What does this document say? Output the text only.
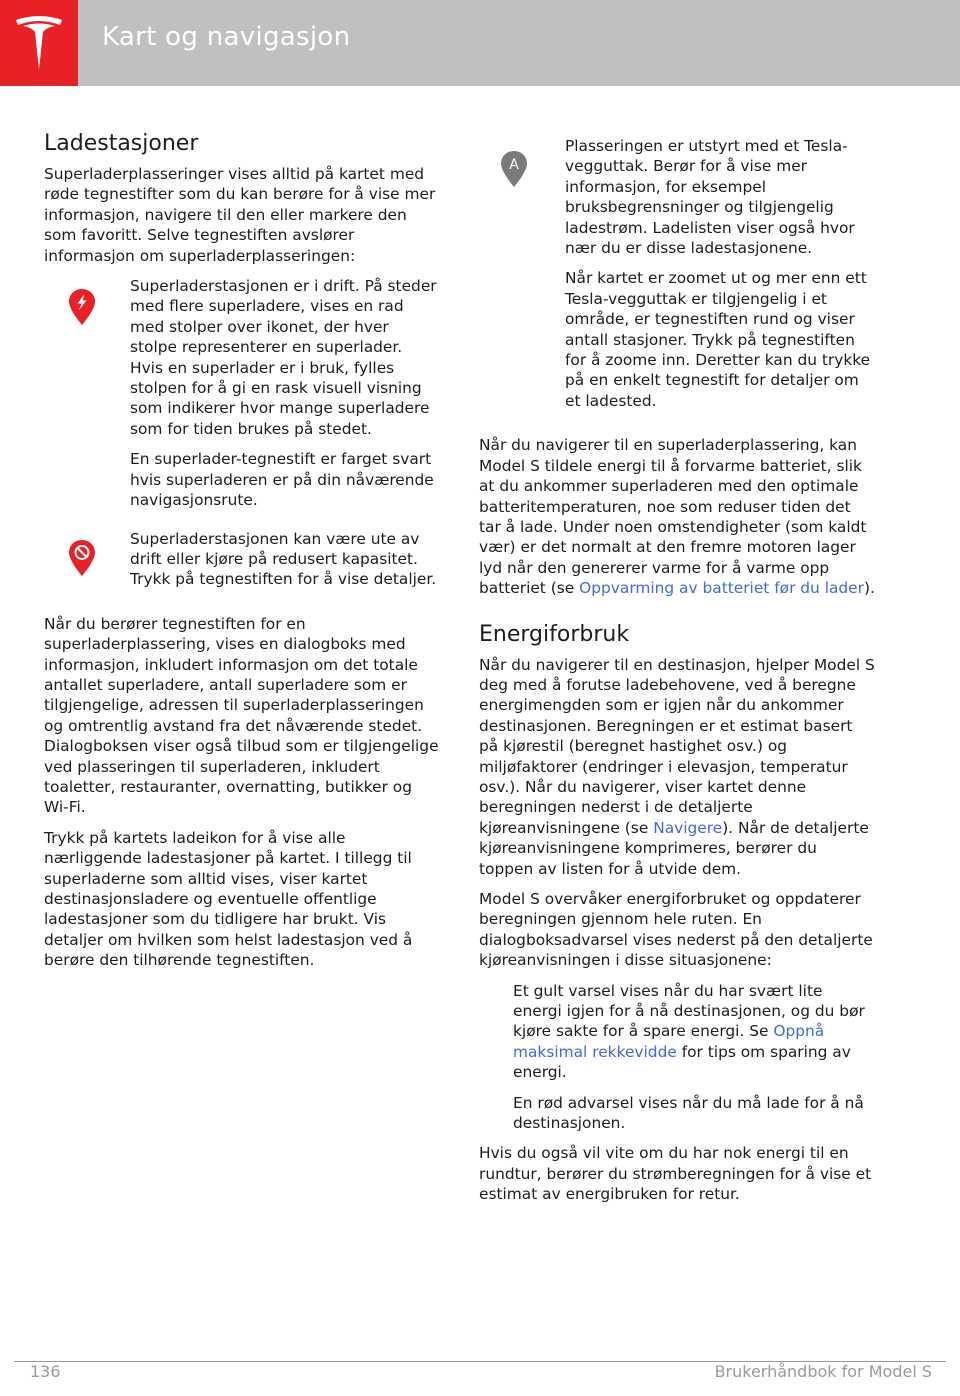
Kart og navigasjon
Ladestasjoner

Superladerplasseringer vises alltid på kartet med røde tegnestifter som du kan berøre for å vise mer informasjon, navigere til den eller markere den som favoritt. Selve tegnestiften avslører informasjon om superladerplasseringen:

Superladerstasjonen er i drift. På steder med flere superladere, vises en rad med stolper over ikonet, der hver stolpe representerer en superlader. Hvis en superlader er i bruk, fylles stolpen for å gi en rask visuell visning som indikerer hvor mange superladere som for tiden brukes på stedet.

En superlader-tegnestift er farget svart hvis superladeren er på din nåværende navigasjonsrute.

Superladerstasjonen kan være ute av drift eller kjøre på redusert kapasitet. Trykk på tegnestiften for å vise detaljer.

Når du berører tegnestiften for en superladerplassering, vises en dialogboks med informasjon, inkludert informasjon om det totale antallet superladere, antall superladere som er tilgjengelige, adressen til superladerplasseringen og omtrentlig avstand fra det nåværende stedet. Dialogboksen viser også tilbud som er tilgjengelige ved plasseringen til superladeren, inkludert toaletter, restauranter, overnatting, butikker og Wi-Fi.

Trykk på kartets ladeikon for å vise alle nærliggende ladestasjoner på kartet. I tillegg til superladerne som alltid vises, viser kartet destinasjonsladere og eventuelle offentlige ladestasjoner som du tidligere har brukt. Vis detaljer om hvilken som helst ladestasjon ved å berøre den tilhørende tegnestiften.

A

Plasseringen er utstyrt med et Tesla-vegguttak. Berør for å vise mer informasjon, for eksempel bruksbegrensninger og tilgjengelig ladestrøm. Ladelisten viser også hvor nær du er disse ladestasjonene.

Når kartet er zoomet ut og mer enn ett Tesla-vegguttak er tilgjengelig i et område, er tegnestiften rund og viser antall stasjoner. Trykk på tegnestiften for å zoome inn. Deretter kan du trykke på en enkelt tegnestift for detaljer om et ladested.

Når du navigerer til en superladerplassering, kan Model S tildele energi til å forvarme batteriet, slik at du ankommer superladeren med den optimale batteritemperaturen, noe som reduser tiden det tar å lade. Under noen omstendigheter (som kaldt vær) er det normalt at den fremre motoren lager lyd når den genererer varme for å varme opp batteriet (se Oppvarming av batteriet før du lader).

Energiforbruk

Når du navigerer til en destinasjon, hjelper Model S deg med å forutse ladebehovene, ved å beregne energimengden som er igjen når du ankommer destinasjonen. Beregningen er et estimat basert på kjørestil (beregnet hastighet osv.) og miljøfaktorer (endringer i elevasjon, temperatur osv.). Når du navigerer, viser kartet denne beregningen nederst i de detaljerte kjøreanvisningene (se Navigere). Når de detaljerte kjøreanvisningene komprimeres, berører du toppen av listen for å utvide dem.

Model S overvåker energiforbruket og oppdaterer beregningen gjennom hele ruten. En dialogboksadvarsel vises nederst på den detaljerte kjøreanvisningen i disse situasjonene:

Et gult varsel vises når du har svært lite energi igjen for å nå destinasjonen, og du bør kjøre sakte for å spare energi. Se Oppnå maksimal rekkevidde for tips om sparing av energi.

En rød advarsel vises når du må lade for å nå destinasjonen.

Hvis du også vil vite om du har nok energi til en rundtur, berører du strømberegningen for å vise et estimat av energibruken for retur.

136	Brukerhåndbok for Model S
